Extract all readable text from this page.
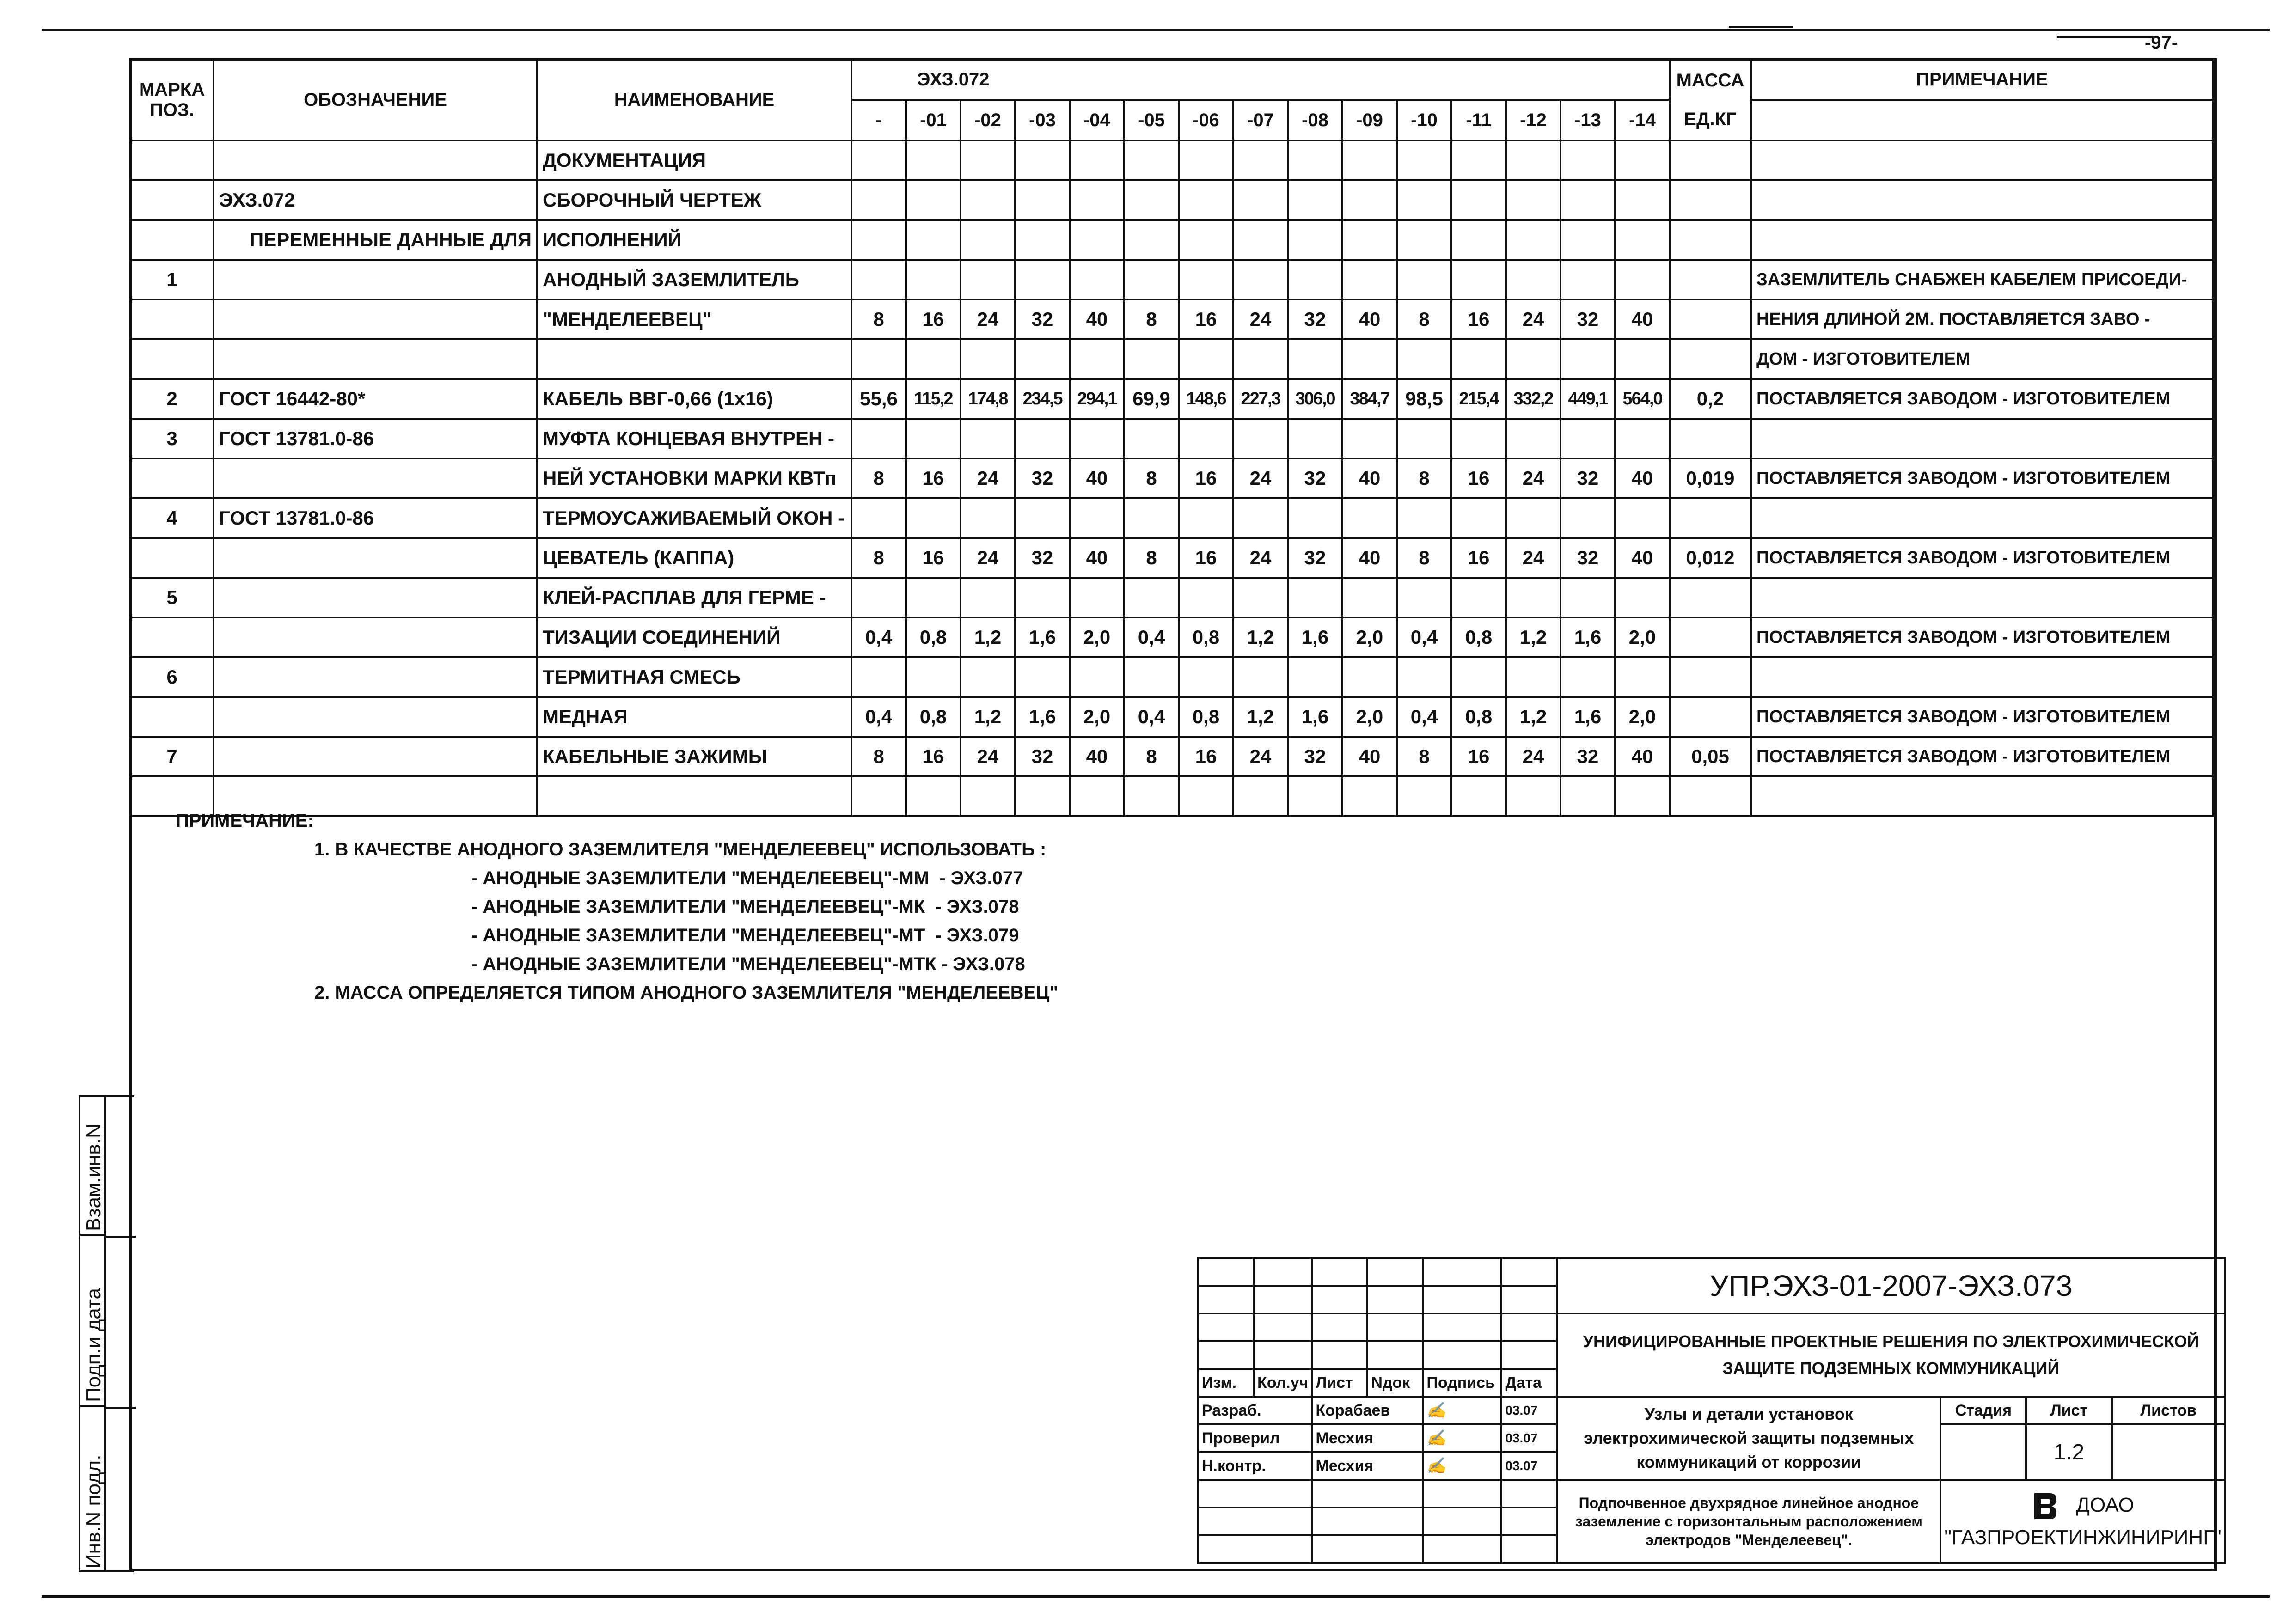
-97-
МАРКА ПОЗ.	ОБОЗНАЧЕНИЕ	НАИМЕНОВАНИЕ	ЭХЗ.072															МАССА ЕД.КГ	ПРИМЕЧАНИЕ
			-	-01	-02	-03	-04	-05	-06	-07	-08	-09	-10	-11	-12	-13	-14		
		ДОКУМЕНТАЦИЯ																	
	ЭХЗ.072	СБОРОЧНЫЙ ЧЕРТЕЖ																	
	ПЕРЕМЕННЫЕ ДАННЫЕ ДЛЯ	ИСПОЛНЕНИЙ																	
1		АНОДНЫЙ ЗАЗЕМЛИТЕЛЬ																	ЗАЗЕМЛИТЕЛЬ СНАБЖЕН КАБЕЛЕМ ПРИСОЕДИ-
		"МЕНДЕЛЕЕВЕЦ"	8	16	24	32	40	8	16	24	32	40	8	16	24	32	40		НЕНИЯ ДЛИНОЙ 2М. ПОСТАВЛЯЕТСЯ ЗАВО -
																			ДОМ - ИЗГОТОВИТЕЛЕМ
2	ГОСТ 16442-80*	КАБЕЛЬ ВВГ-0,66 (1х16)	55,6	115,2	174,8	234,5	294,1	69,9	148,6	227,3	306,0	384,7	98,5	215,4	332,2	449,1	564,0	0,2	ПОСТАВЛЯЕТСЯ ЗАВОДОМ - ИЗГОТОВИТЕЛЕМ
3	ГОСТ 13781.0-86	МУФТА КОНЦЕВАЯ ВНУТРЕН -																	
		НЕЙ УСТАНОВКИ МАРКИ КВТп	8	16	24	32	40	8	16	24	32	40	8	16	24	32	40	0,019	ПОСТАВЛЯЕТСЯ ЗАВОДОМ - ИЗГОТОВИТЕЛЕМ
4	ГОСТ 13781.0-86	ТЕРМОУСАЖИВАЕМЫЙ ОКОН -																	
		ЦЕВАТЕЛЬ (КАППА)	8	16	24	32	40	8	16	24	32	40	8	16	24	32	40	0,012	ПОСТАВЛЯЕТСЯ ЗАВОДОМ - ИЗГОТОВИТЕЛЕМ
5		КЛЕЙ-РАСПЛАВ ДЛЯ ГЕРМЕ -																	
		ТИЗАЦИИ СОЕДИНЕНИЙ	0,4	0,8	1,2	1,6	2,0	0,4	0,8	1,2	1,6	2,0	0,4	0,8	1,2	1,6	2,0		ПОСТАВЛЯЕТСЯ ЗАВОДОМ - ИЗГОТОВИТЕЛЕМ
6		ТЕРМИТНАЯ СМЕСЬ																	
		МЕДНАЯ	0,4	0,8	1,2	1,6	2,0	0,4	0,8	1,2	1,6	2,0	0,4	0,8	1,2	1,6	2,0		ПОСТАВЛЯЕТСЯ ЗАВОДОМ - ИЗГОТОВИТЕЛЕМ
7		КАБЕЛЬНЫЕ ЗАЖИМЫ	8	16	24	32	40	8	16	24	32	40	8	16	24	32	40	0,05	ПОСТАВЛЯЕТСЯ ЗАВОДОМ - ИЗГОТОВИТЕЛЕМ

ПРИМЕЧАНИЕ:
1. В КАЧЕСТВЕ АНОДНОГО ЗАЗЕМЛИТЕЛЯ "МЕНДЕЛЕЕВЕЦ" ИСПОЛЬЗОВАТЬ :
- АНОДНЫЕ ЗАЗЕМЛИТЕЛИ "МЕНДЕЛЕЕВЕЦ"-ММ  - ЭХЗ.077
- АНОДНЫЕ ЗАЗЕМЛИТЕЛИ "МЕНДЕЛЕЕВЕЦ"-МК  - ЭХЗ.078
- АНОДНЫЕ ЗАЗЕМЛИТЕЛИ "МЕНДЕЛЕЕВЕЦ"-МТ  - ЭХЗ.079
- АНОДНЫЕ ЗАЗЕМЛИТЕЛИ "МЕНДЕЛЕЕВЕЦ"-МТК - ЭХЗ.078
2. МАССА ОПРЕДЕЛЯЕТСЯ ТИПОМ АНОДНОГО ЗАЗЕМЛИТЕЛЯ "МЕНДЕЛЕЕВЕЦ"
Взам.инв.N
Подп.и дата
Инв.N подл.
						УПР.ЭХЗ-01-2007-ЭХЗ.073			

						УНИФИЦИРОВАННЫЕ ПРОЕКТНЫЕ РЕШЕНИЯ ПО ЭЛЕКТРОХИМИЧЕСКОЙ ЗАЩИТЕ ПОДЗЕМНЫХ КОММУНИКАЦИЙ			

Изм.	Кол.уч	Лист	Nдок	Подпись	Дата				
Разраб.		Корабаев		✍	03.07	Узлы и детали установок электрохимической защиты подземных коммуникаций от коррозии	Стадия	Лист	Листов
Проверил		Месхия		✍	03.07			1.2	
Н.контр.		Месхия		✍	03.07				
						Подпочвенное двухрядное линейное анодное заземление с горизонтальным расположением электродов "Менделеевец".	ДОАО
"ГАЗПРОЕКТИНЖИНИРИНГ"		
